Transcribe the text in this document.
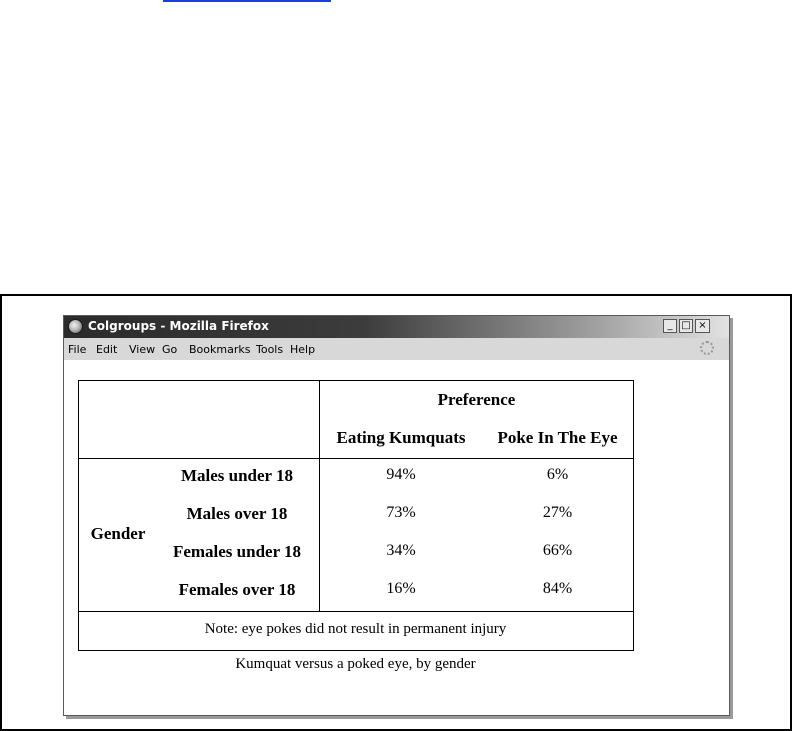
Colgroups - Mozilla Firefox	_ □ ×
File Edit View Go Bookmarks Tools Help
Preference
Eating Kumquats	Poke In The Eye
Gender
Males under 18	94%	6%
Males over 18	73%	27%
Females under 18	34%	66%
Females over 18	16%	84%
Note: eye pokes did not result in permanent injury
Kumquat versus a poked eye, by gender
